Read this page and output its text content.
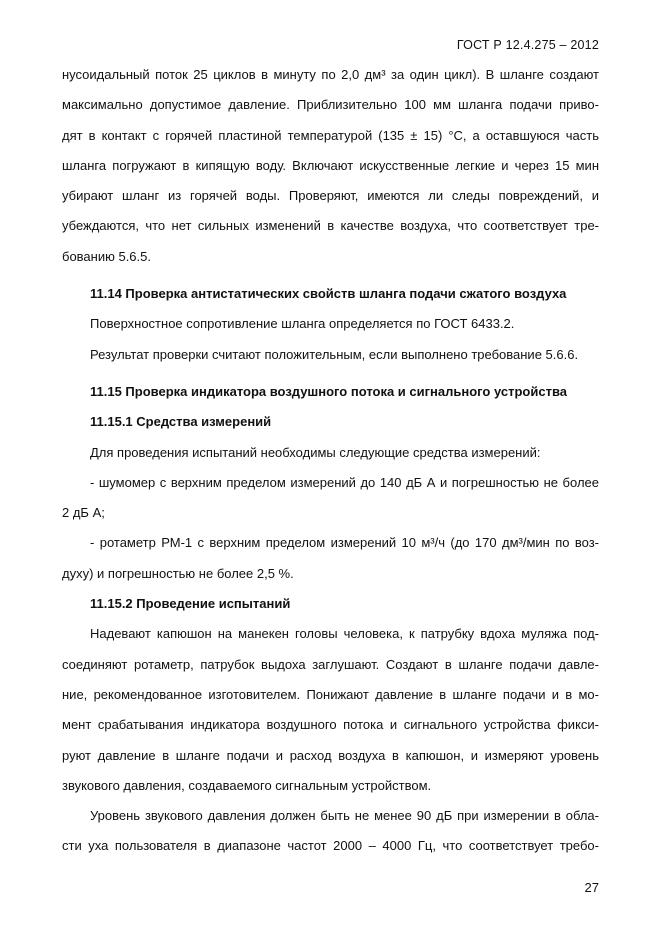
ГОСТ Р 12.4.275 – 2012

нусоидальный поток 25 циклов в минуту по 2,0 дм³ за один цикл). В шланге создают

максимально допустимое давление. Приблизительно 100 мм шланга подачи приво-

дят в контакт с горячей пластиной температурой (135 ± 15) °С, а оставшуюся часть

шланга погружают в кипящую воду. Включают искусственные легкие и через 15 мин

убирают шланг из горячей воды. Проверяют, имеются ли следы повреждений, и

убеждаются, что нет сильных изменений в качестве воздуха, что соответствует тре-

бованию 5.6.5.

11.14 Проверка антистатических свойств шланга подачи сжатого воздуха

Поверхностное сопротивление шланга определяется по ГОСТ 6433.2.

Результат проверки считают положительным, если выполнено требование 5.6.6.

11.15 Проверка индикатора воздушного потока и сигнального устройства

11.15.1 Средства измерений

Для проведения испытаний необходимы следующие средства измерений:

- шумомер с верхним пределом измерений до 140 дБ А и погрешностью не более

2 дБ А;

- ротаметр РМ-1 с верхним пределом измерений 10 м³/ч (до 170 дм³/мин по воз-

духу) и погрешностью не более 2,5 %.

11.15.2 Проведение испытаний

Надевают капюшон на манекен головы человека, к патрубку вдоха муляжа под-

соединяют ротаметр, патрубок выдоха заглушают. Создают в шланге подачи давле-

ние, рекомендованное изготовителем. Понижают давление в шланге подачи и в мо-

мент срабатывания индикатора воздушного потока и сигнального устройства фикси-

руют давление в шланге подачи и расход воздуха в капюшон, и измеряют уровень

звукового давления, создаваемого сигнальным устройством.

Уровень звукового давления должен быть не менее 90 дБ при измерении в обла-

сти уха пользователя в диапазоне частот 2000 – 4000 Гц, что соответствует требо-

27
